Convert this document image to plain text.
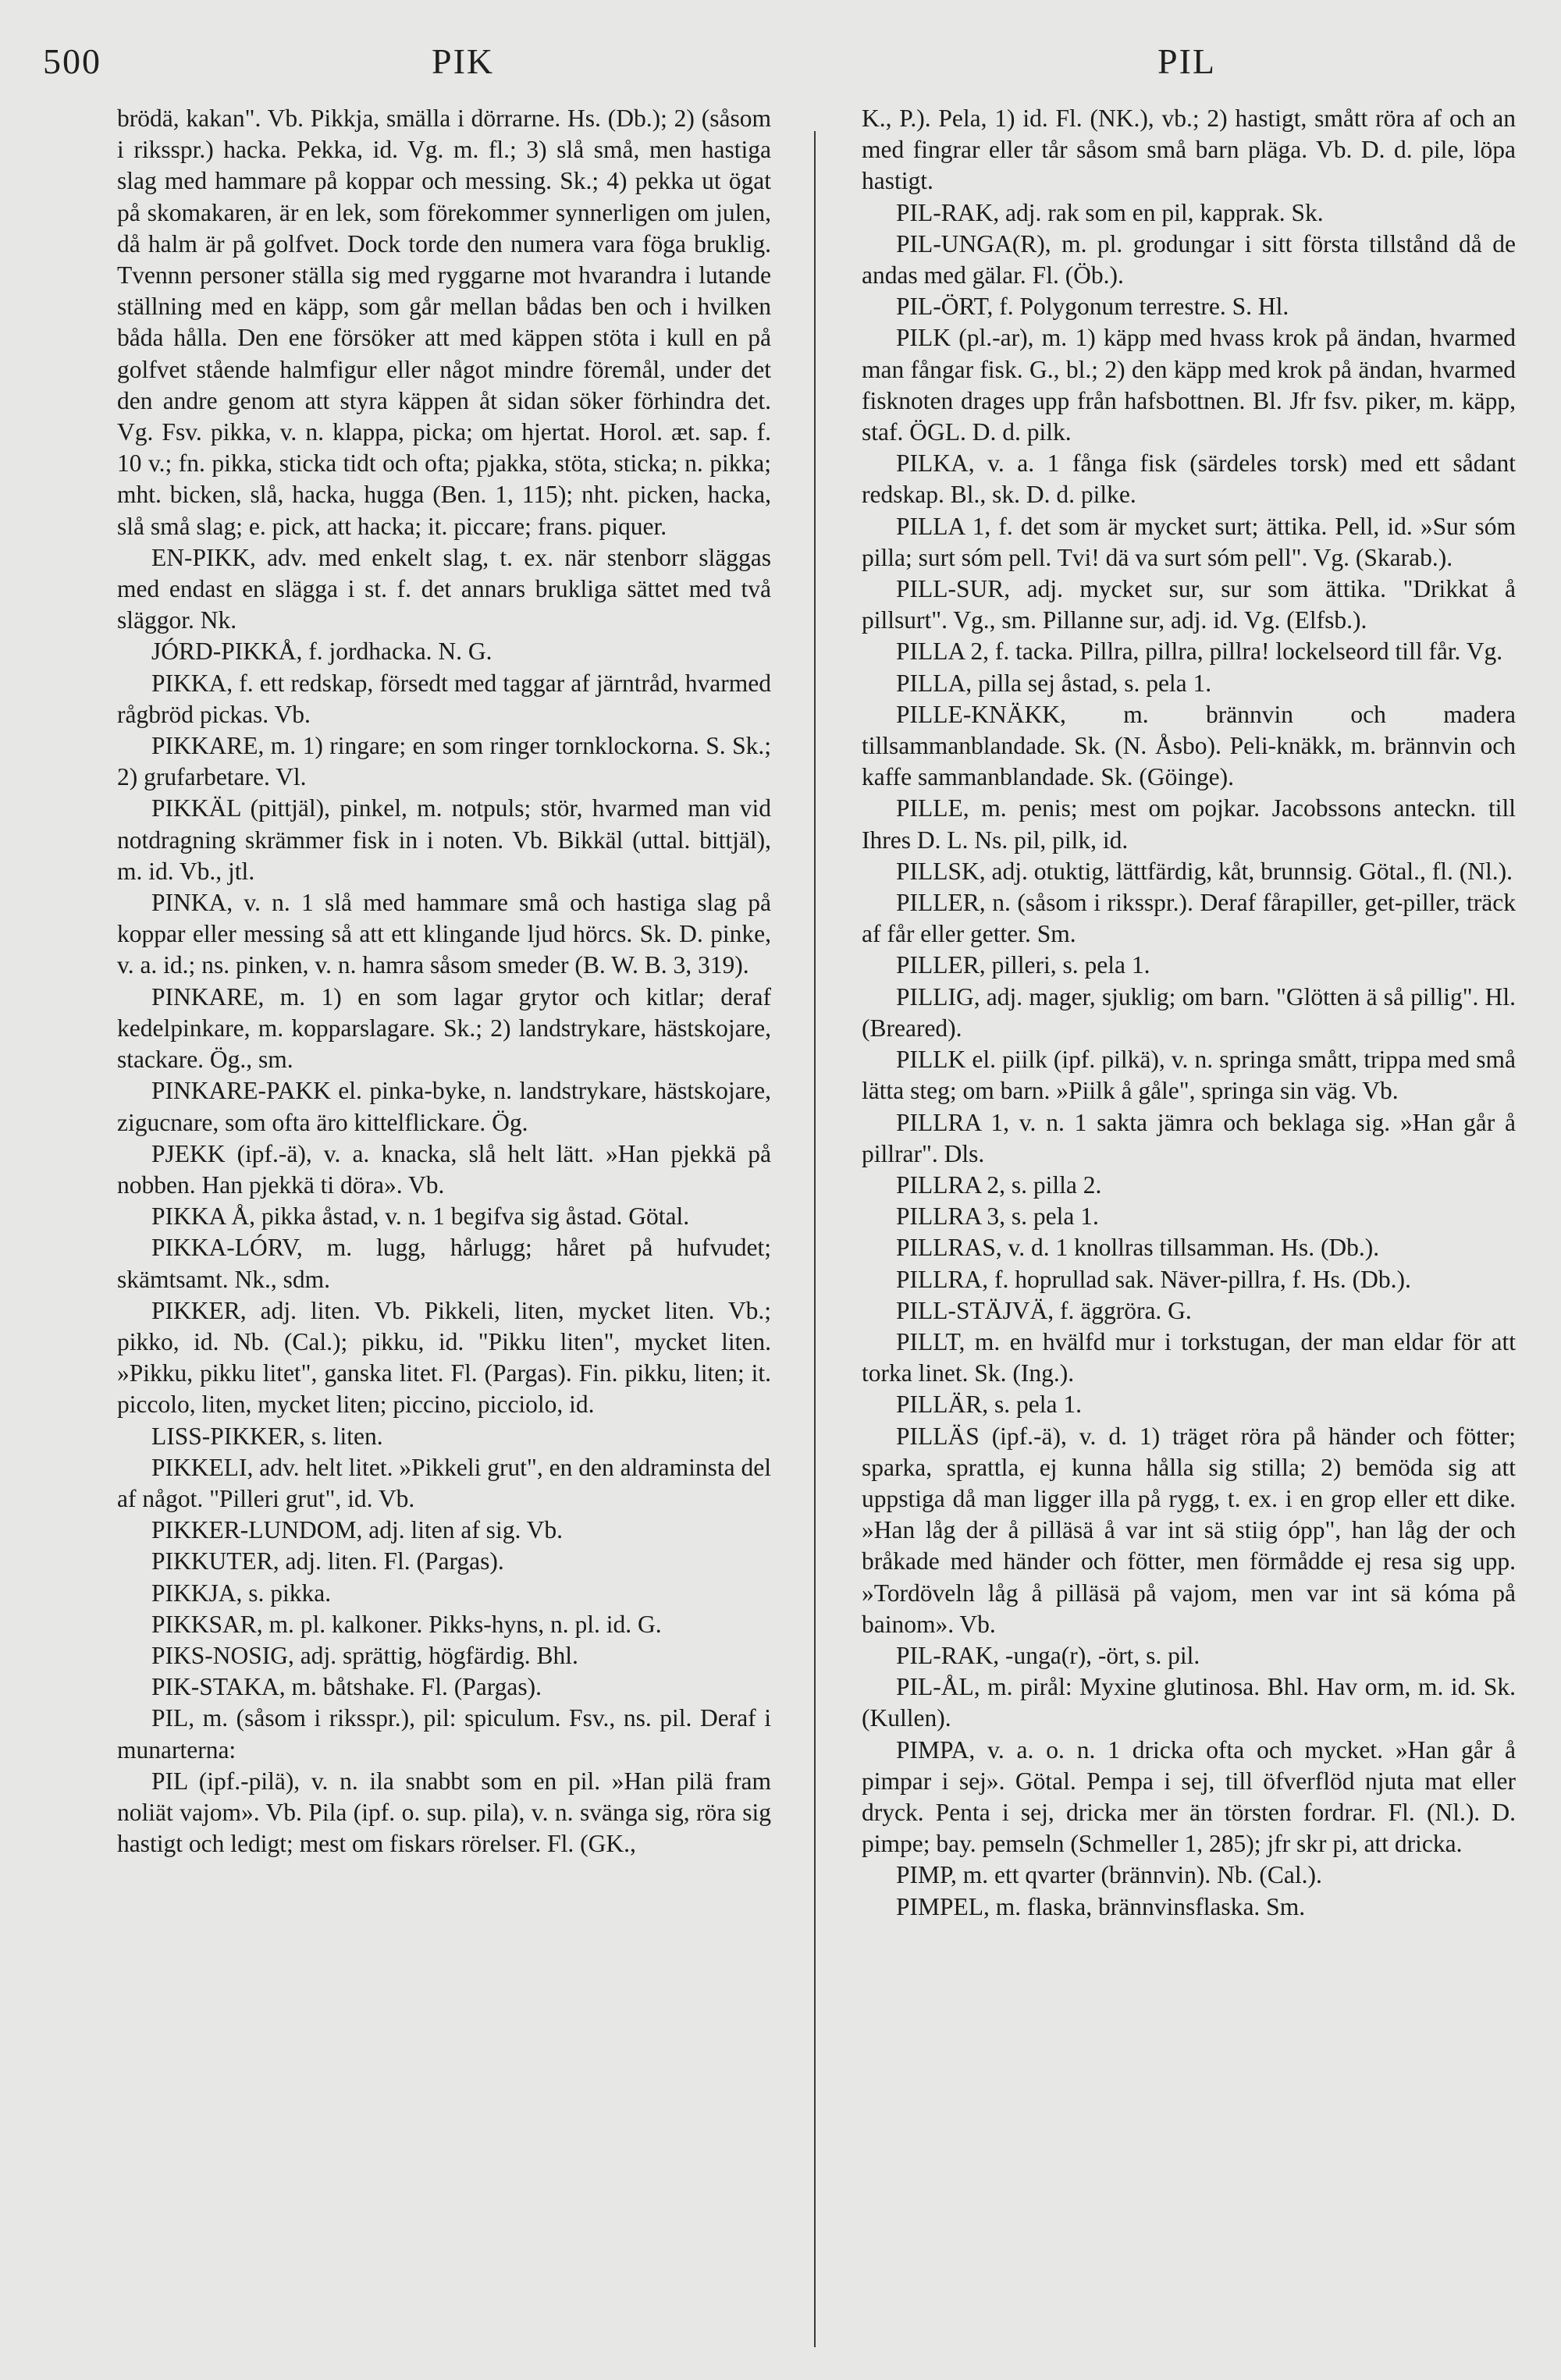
500	PIK	PIL

brödä, kakan". Vb. Pikkja, smälla i dörrarne. Hs. (Db.); 2) (såsom i riksspr.) hacka. Pekka, id. Vg. m. fl.; 3) slå små, men hastiga slag med hammare på koppar och messing. Sk.; 4) pekka ut ögat på skomakaren, är en lek, som förekommer synnerligen om julen, då halm är på golfvet. Dock torde den numera vara föga bruklig. Tvennn personer ställa sig med ryggarne mot hvarandra i lutande ställning med en käpp, som går mellan bådas ben och i hvilken båda hålla. Den ene försöker att med käppen stöta i kull en på golfvet stående halmfigur eller något mindre föremål, under det den andre genom att styra käppen åt sidan söker förhindra det. Vg. Fsv. pikka, v. n. klappa, picka; om hjertat. Horol. æt. sap. f. 10 v.; fn. pikka, sticka tidt och ofta; pjakka, stöta, sticka; n. pikka; mht. bicken, slå, hacka, hugga (Ben. 1, 115); nht. picken, hacka, slå små slag; e. pick, att hacka; it. piccare; frans. piquer.

EN-PIKK, adv. med enkelt slag, t. ex. när stenborr släggas med endast en slägga i st. f. det annars brukliga sättet med två släggor. Nk.

JÓRD-PIKKÅ, f. jordhacka. N. G.

PIKKA, f. ett redskap, försedt med taggar af järntråd, hvarmed rågbröd pickas. Vb.

PIKKARE, m. 1) ringare; en som ringer tornklockorna. S. Sk.; 2) grufarbetare. Vl.

PIKKÄL (pittjäl), pinkel, m. notpuls; stör, hvarmed man vid notdragning skrämmer fisk in i noten. Vb. Bikkäl (uttal. bittjäl), m. id. Vb., jtl.

PINKA, v. n. 1 slå med hammare små och hastiga slag på koppar eller messing så att ett klingande ljud hörcs. Sk. D. pinke, v. a. id.; ns. pinken, v. n. hamra såsom smeder (B. W. B. 3, 319).

PINKARE, m. 1) en som lagar grytor och kitlar; deraf kedelpinkare, m. kopparslagare. Sk.; 2) landstrykare, hästskojare, stackare. Ög., sm.

PINKARE-PAKK el. pinka-byke, n. landstrykare, hästskojare, zigucnare, som ofta äro kittelflickare. Ög.

PJEKK (ipf.-ä), v. a. knacka, slå helt lätt. »Han pjekkä på nobben. Han pjekkä ti döra». Vb.

PIKKA Å, pikka åstad, v. n. 1 begifva sig åstad. Götal.

PIKKA-LÓRV, m. lugg, hårlugg; håret på hufvudet; skämtsamt. Nk., sdm.

PIKKER, adj. liten. Vb. Pikkeli, liten, mycket liten. Vb.; pikko, id. Nb. (Cal.); pikku, id. "Pikku liten", mycket liten. »Pikku, pikku litet", ganska litet. Fl. (Pargas). Fin. pikku, liten; it. piccolo, liten, mycket liten; piccino, picciolo, id.

LISS-PIKKER, s. liten.

PIKKELI, adv. helt litet. »Pikkeli grut", en den aldraminsta del af något. "Pilleri grut", id. Vb.

PIKKER-LUNDOM, adj. liten af sig. Vb.

PIKKUTER, adj. liten. Fl. (Pargas).

PIKKJA, s. pikka.

PIKKSAR, m. pl. kalkoner. Pikks-hyns, n. pl. id. G.

PIKS-NOSIG, adj. sprättig, högfärdig. Bhl.

PIK-STAKA, m. båtshake. Fl. (Pargas).

PIL, m. (såsom i riksspr.), pil: spiculum. Fsv., ns. pil. Deraf i munarterna:

PIL (ipf.-pilä), v. n. ila snabbt som en pil. »Han pilä fram noliät vajom». Vb. Pila (ipf. o. sup. pila), v. n. svänga sig, röra sig hastigt och ledigt; mest om fiskars rörelser. Fl. (GK.,

K., P.). Pela, 1) id. Fl. (NK.), vb.; 2) hastigt, smått röra af och an med fingrar eller tår såsom små barn pläga. Vb. D. d. pile, löpa hastigt.

PIL-RAK, adj. rak som en pil, kapprak. Sk.

PIL-UNGA(R), m. pl. grodungar i sitt första tillstånd då de andas med gälar. Fl. (Öb.).

PIL-ÖRT, f. Polygonum terrestre. S. Hl.

PILK (pl.-ar), m. 1) käpp med hvass krok på ändan, hvarmed man fångar fisk. G., bl.; 2) den käpp med krok på ändan, hvarmed fisknoten drages upp från hafsbottnen. Bl. Jfr fsv. piker, m. käpp, staf. ÖGL. D. d. pilk.

PILKA, v. a. 1 fånga fisk (särdeles torsk) med ett sådant redskap. Bl., sk. D. d. pilke.

PILLA 1, f. det som är mycket surt; ättika. Pell, id. »Sur sóm pilla; surt sóm pell. Tvi! dä va surt sóm pell". Vg. (Skarab.).

PILL-SUR, adj. mycket sur, sur som ättika. "Drikkat å pillsurt". Vg., sm. Pillanne sur, adj. id. Vg. (Elfsb.).

PILLA 2, f. tacka. Pillra, pillra, pillra! lockelseord till får. Vg.

PILLA, pilla sej åstad, s. pela 1.

PILLE-KNÄKK, m. brännvin och madera tillsammanblandade. Sk. (N. Åsbo). Peli-knäkk, m. brännvin och kaffe sammanblandade. Sk. (Göinge).

PILLE, m. penis; mest om pojkar. Jacobssons anteckn. till Ihres D. L. Ns. pil, pilk, id.

PILLSK, adj. otuktig, lättfärdig, kåt, brunnsig. Götal., fl. (Nl.).

PILLER, n. (såsom i riksspr.). Deraf fårapiller, get-piller, träck af får eller getter. Sm.

PILLER, pilleri, s. pela 1.

PILLIG, adj. mager, sjuklig; om barn. "Glötten ä så pillig". Hl. (Breared).

PILLK el. piilk (ipf. pilkä), v. n. springa smått, trippa med små lätta steg; om barn. »Piilk å gåle", springa sin väg. Vb.

PILLRA 1, v. n. 1 sakta jämra och beklaga sig. »Han går å pillrar". Dls.

PILLRA 2, s. pilla 2.

PILLRA 3, s. pela 1.

PILLRAS, v. d. 1 knollras tillsamman. Hs. (Db.).

PILLRA, f. hoprullad sak. Näver-pillra, f. Hs. (Db.).

PILL-STÄJVÄ, f. äggröra. G.

PILLT, m. en hvälfd mur i torkstugan, der man eldar för att torka linet. Sk. (Ing.).

PILLÄR, s. pela 1.

PILLÄS (ipf.-ä), v. d. 1) träget röra på händer och fötter; sparka, sprattla, ej kunna hålla sig stilla; 2) bemöda sig att uppstiga då man ligger illa på rygg, t. ex. i en grop eller ett dike. »Han låg der å pilläsä å var int sä stiig ópp", han låg der och bråkade med händer och fötter, men förmådde ej resa sig upp. »Tordöveln låg å pilläsä på vajom, men var int sä kóma på bainom». Vb.

PIL-RAK, -unga(r), -ört, s. pil.

PIL-ÅL, m. pirål: Myxine glutinosa. Bhl. Hav orm, m. id. Sk. (Kullen).

PIMPA, v. a. o. n. 1 dricka ofta och mycket. »Han går å pimpar i sej». Götal. Pempa i sej, till öfverflöd njuta mat eller dryck. Penta i sej, dricka mer än törsten fordrar. Fl. (Nl.). D. pimpe; bay. pemseln (Schmeller 1, 285); jfr skr pi, att dricka.

PIMP, m. ett qvarter (brännvin). Nb. (Cal.).

PIMPEL, m. flaska, brännvinsflaska. Sm.
